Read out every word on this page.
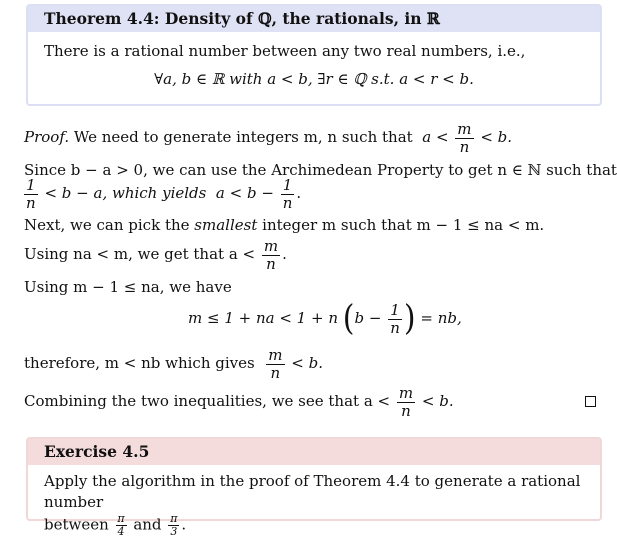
Theorem 4.4: Density of ℚ, the rationals, in ℝ
There is a rational number between any two real numbers, i.e.,
∀a, b ∈ ℝ with a < b, ∃r ∈ ℚ s.t. a < r < b.
Proof. We need to generate integers m, n such that $a < \frac{m}{n} < b$.
Since b − a > 0, we can use the Archimedean Property to get n ∈ ℕ such that
$\frac{1}{n} < b - a$, which yields $a < b - \frac{1}{n}$ .
Next, we can pick the smallest integer m such that m − 1 ≤ na < m.
Using na < m, we get that $a < \frac{m}{n}$ .
Using m − 1 ≤ na, we have
m ≤ 1 + na < 1 + n ($b - \frac{1}{n}$ ) = nb,
therefore, m < nb which gives $\frac{m}{n} < b$.
Combining the two inequalities, we see that $a < \frac{m}{n} < b$.
Exercise 4.5
Apply the algorithm in the proof of Theorem 4.4 to generate a rational number
between $\frac{\pi}{4}$ and $\frac{\pi}{3}$ .
